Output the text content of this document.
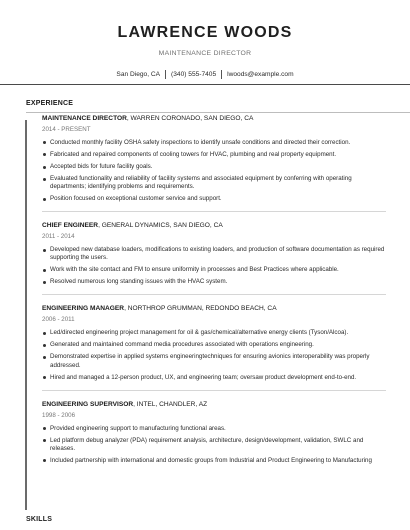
LAWRENCE WOODS
MAINTENANCE DIRECTOR
San Diego, CA (340) 555-7405 lwoods@example.com
EXPERIENCE
MAINTENANCE DIRECTOR, WARREN CORONADO, SAN DIEGO, CA
2014 - PRESENT
Conducted monthly facility OSHA safety inspections to identify unsafe conditions and directed their correction.
Fabricated and repaired components of cooling towers for HVAC, plumbing and real property equipment.
Accepted bids for future facility goals.
Evaluated functionality and reliability of facility systems and associated equipment by conferring with operating departments; identifying problems and requirements.
Position focused on exceptional customer service and support.
CHIEF ENGINEER, GENERAL DYNAMICS, SAN DIEGO, CA
2011 - 2014
Developed new database loaders, modifications to existing loaders, and production of software documentation as required supporting the users.
Work with the site contact and FM to ensure uniformity in processes and Best Practices where applicable.
Resolved numerous long standing issues with the HVAC system.
ENGINEERING MANAGER, NORTHROP GRUMMAN, REDONDO BEACH, CA
2006 - 2011
Led/directed engineering project management for oil & gas/chemical/alternative energy clients (Tyson/Alcoa).
Generated and maintained command media procedures associated with operations engineering.
Demonstrated expertise in applied systems engineeringtechniques for ensuring avionics interoperability was properly addressed.
Hired and managed a 12-person product, UX, and engineering team; oversaw product development end-to-end.
ENGINEERING SUPERVISOR, INTEL, CHANDLER, AZ
1998 - 2006
Provided engineering support to manufacturing functional areas.
Led platform debug analyzer (PDA) requirement analysis, architecture, design/development, validation, SWLC and releases.
Included partnership with international and domestic groups from Industrial and Product Engineering to Manufacturing
SKILLS
